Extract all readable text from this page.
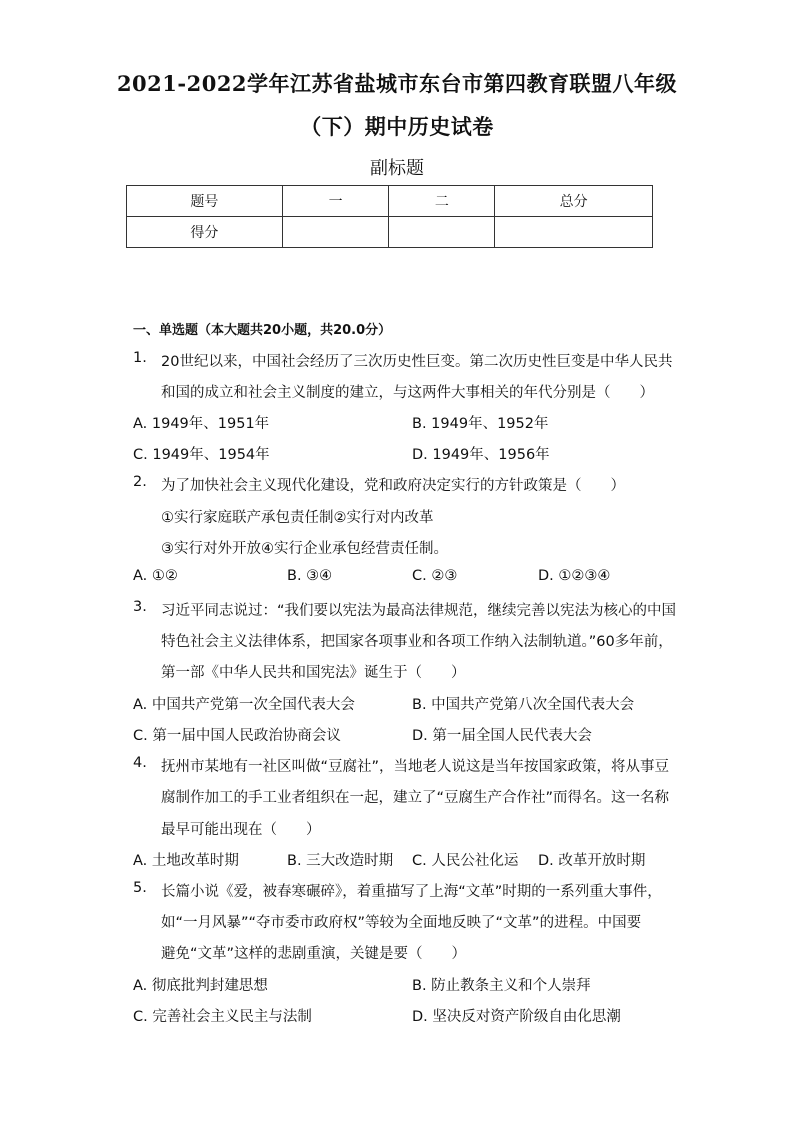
2021-2022学年江苏省盐城市东台市第四教育联盟八年级
（下）期中历史试卷
副标题
题号	一	二	总分
得分			
一、单选题（本大题共20小题，共20.0分）
1. 20世纪以来，中国社会经历了三次历史性巨变。第二次历史性巨变是中华人民共
和国的成立和社会主义制度的建立，与这两件大事相关的年代分别是（　　）
A. 1949年、1951年	B. 1949年、1952年
C. 1949年、1954年	D. 1949年、1956年
2. 为了加快社会主义现代化建设，党和政府决定实行的方针政策是（　　）
①实行家庭联产承包责任制②实行对内改革
③实行对外开放④实行企业承包经营责任制。
A. ①②	B. ③④	C. ②③	D. ①②③④
3. 习近平同志说过：“我们要以宪法为最高法律规范，继续完善以宪法为核心的中国
特色社会主义法律体系，把国家各项事业和各项工作纳入法制轨道。”60多年前，
第一部《中华人民共和国宪法》诞生于（　　）
A. 中国共产党第一次全国代表大会	B. 中国共产党第八次全国代表大会
C. 第一届中国人民政治协商会议	D. 第一届全国人民代表大会
4. 抚州市某地有一社区叫做“豆腐社”，当地老人说这是当年按国家政策，将从事豆
腐制作加工的手工业者组织在一起，建立了“豆腐生产合作社”而得名。这一名称
最早可能出现在（　　）
A. 土地改革时期	B. 三大改造时期 C. 人民公社化运 D. 改革开放时期
5. 长篇小说《爱，被春寒碾碎》，着重描写了上海“文革”时期的一系列重大事件，
如“一月风暴”“夺市委市政府权”等较为全面地反映了“文革”的进程。中国要
避免“文革”这样的悲剧重演，关键是要（　　）
A. 彻底批判封建思想	B. 防止教条主义和个人崇拜
C. 完善社会主义民主与法制	D. 坚决反对资产阶级自由化思潮
